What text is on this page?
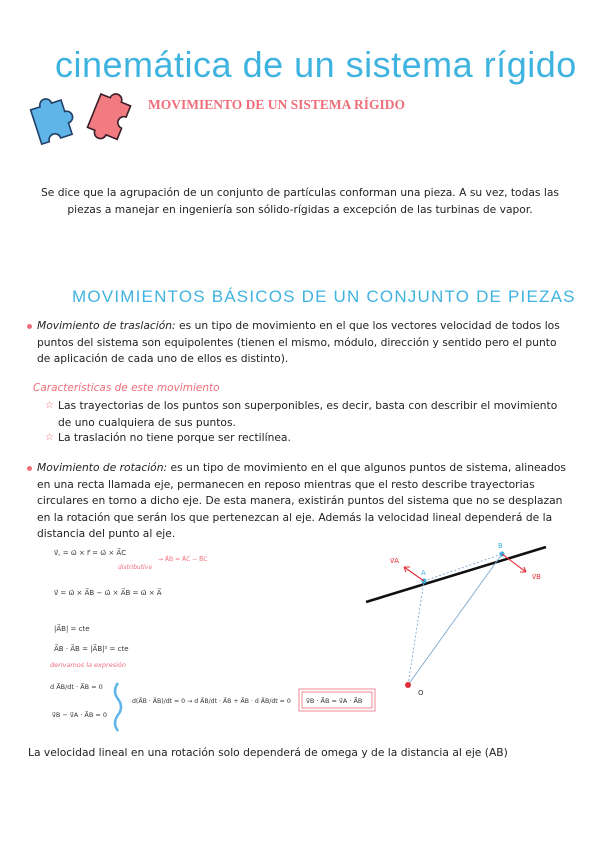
cinemática de un sistema rígido
MOVIMIENTO DE UN SISTEMA RÍGIDO
Se dice que la agrupación de un conjunto de partículas conforman una pieza. A su vez, todas las piezas a manejar en ingeniería son sólido-rígidas a excepción de las turbinas de vapor.
MOVIMIENTOS BÁSICOS DE UN CONJUNTO DE PIEZAS
Movimiento de traslación: es un tipo de movimiento en el que los vectores velocidad de todos los puntos del sistema son equipolentes (tienen el mismo, módulo, dirección y sentido pero el punto de aplicación de cada uno de ellos es distinto).
Características de este movimiento
☆ Las trayectorias de los puntos son superponibles, es decir, basta con describir el movimiento de uno cualquiera de sus puntos.
☆ La traslación no tiene porque ser rectilínea.
Movimiento de rotación: es un tipo de movimiento en el que algunos puntos de sistema, alineados en una recta llamada eje, permanecen en reposo mientras que el resto describe trayectorias circulares en torno a dicho eje. De esta manera, existirán puntos del sistema que no se desplazan en la rotación que serán los que pertenezcan al eje. Además la velocidad lineal dependerá de la distancia del punto al eje.
v⃗꜀ = ω⃗ × r⃗ = ω⃗ × A⃗C
distributiva
→ A⃗B = A⃗C − B⃗C
v⃗ = ω⃗ × A⃗B − ω⃗ × A⃗B = ω⃗ × A⃗
|A⃗B| = cte
A⃗B · A⃗B = |A⃗B|² = cte
derivamos la expresión
d A⃗B/dt · A⃗B = 0
v⃗B − v⃗A · A⃗B = 0
d(A⃗B · A⃗B)/dt = 0 → d A⃗B/dt · A⃗B + A⃗B · d A⃗B/dt = 0 v⃗B · A⃗B = v⃗A · A⃗B
v⃗A
v⃗B
A
B
O
La velocidad lineal en una rotación solo dependerá de omega y de la distancia al eje (AB)
